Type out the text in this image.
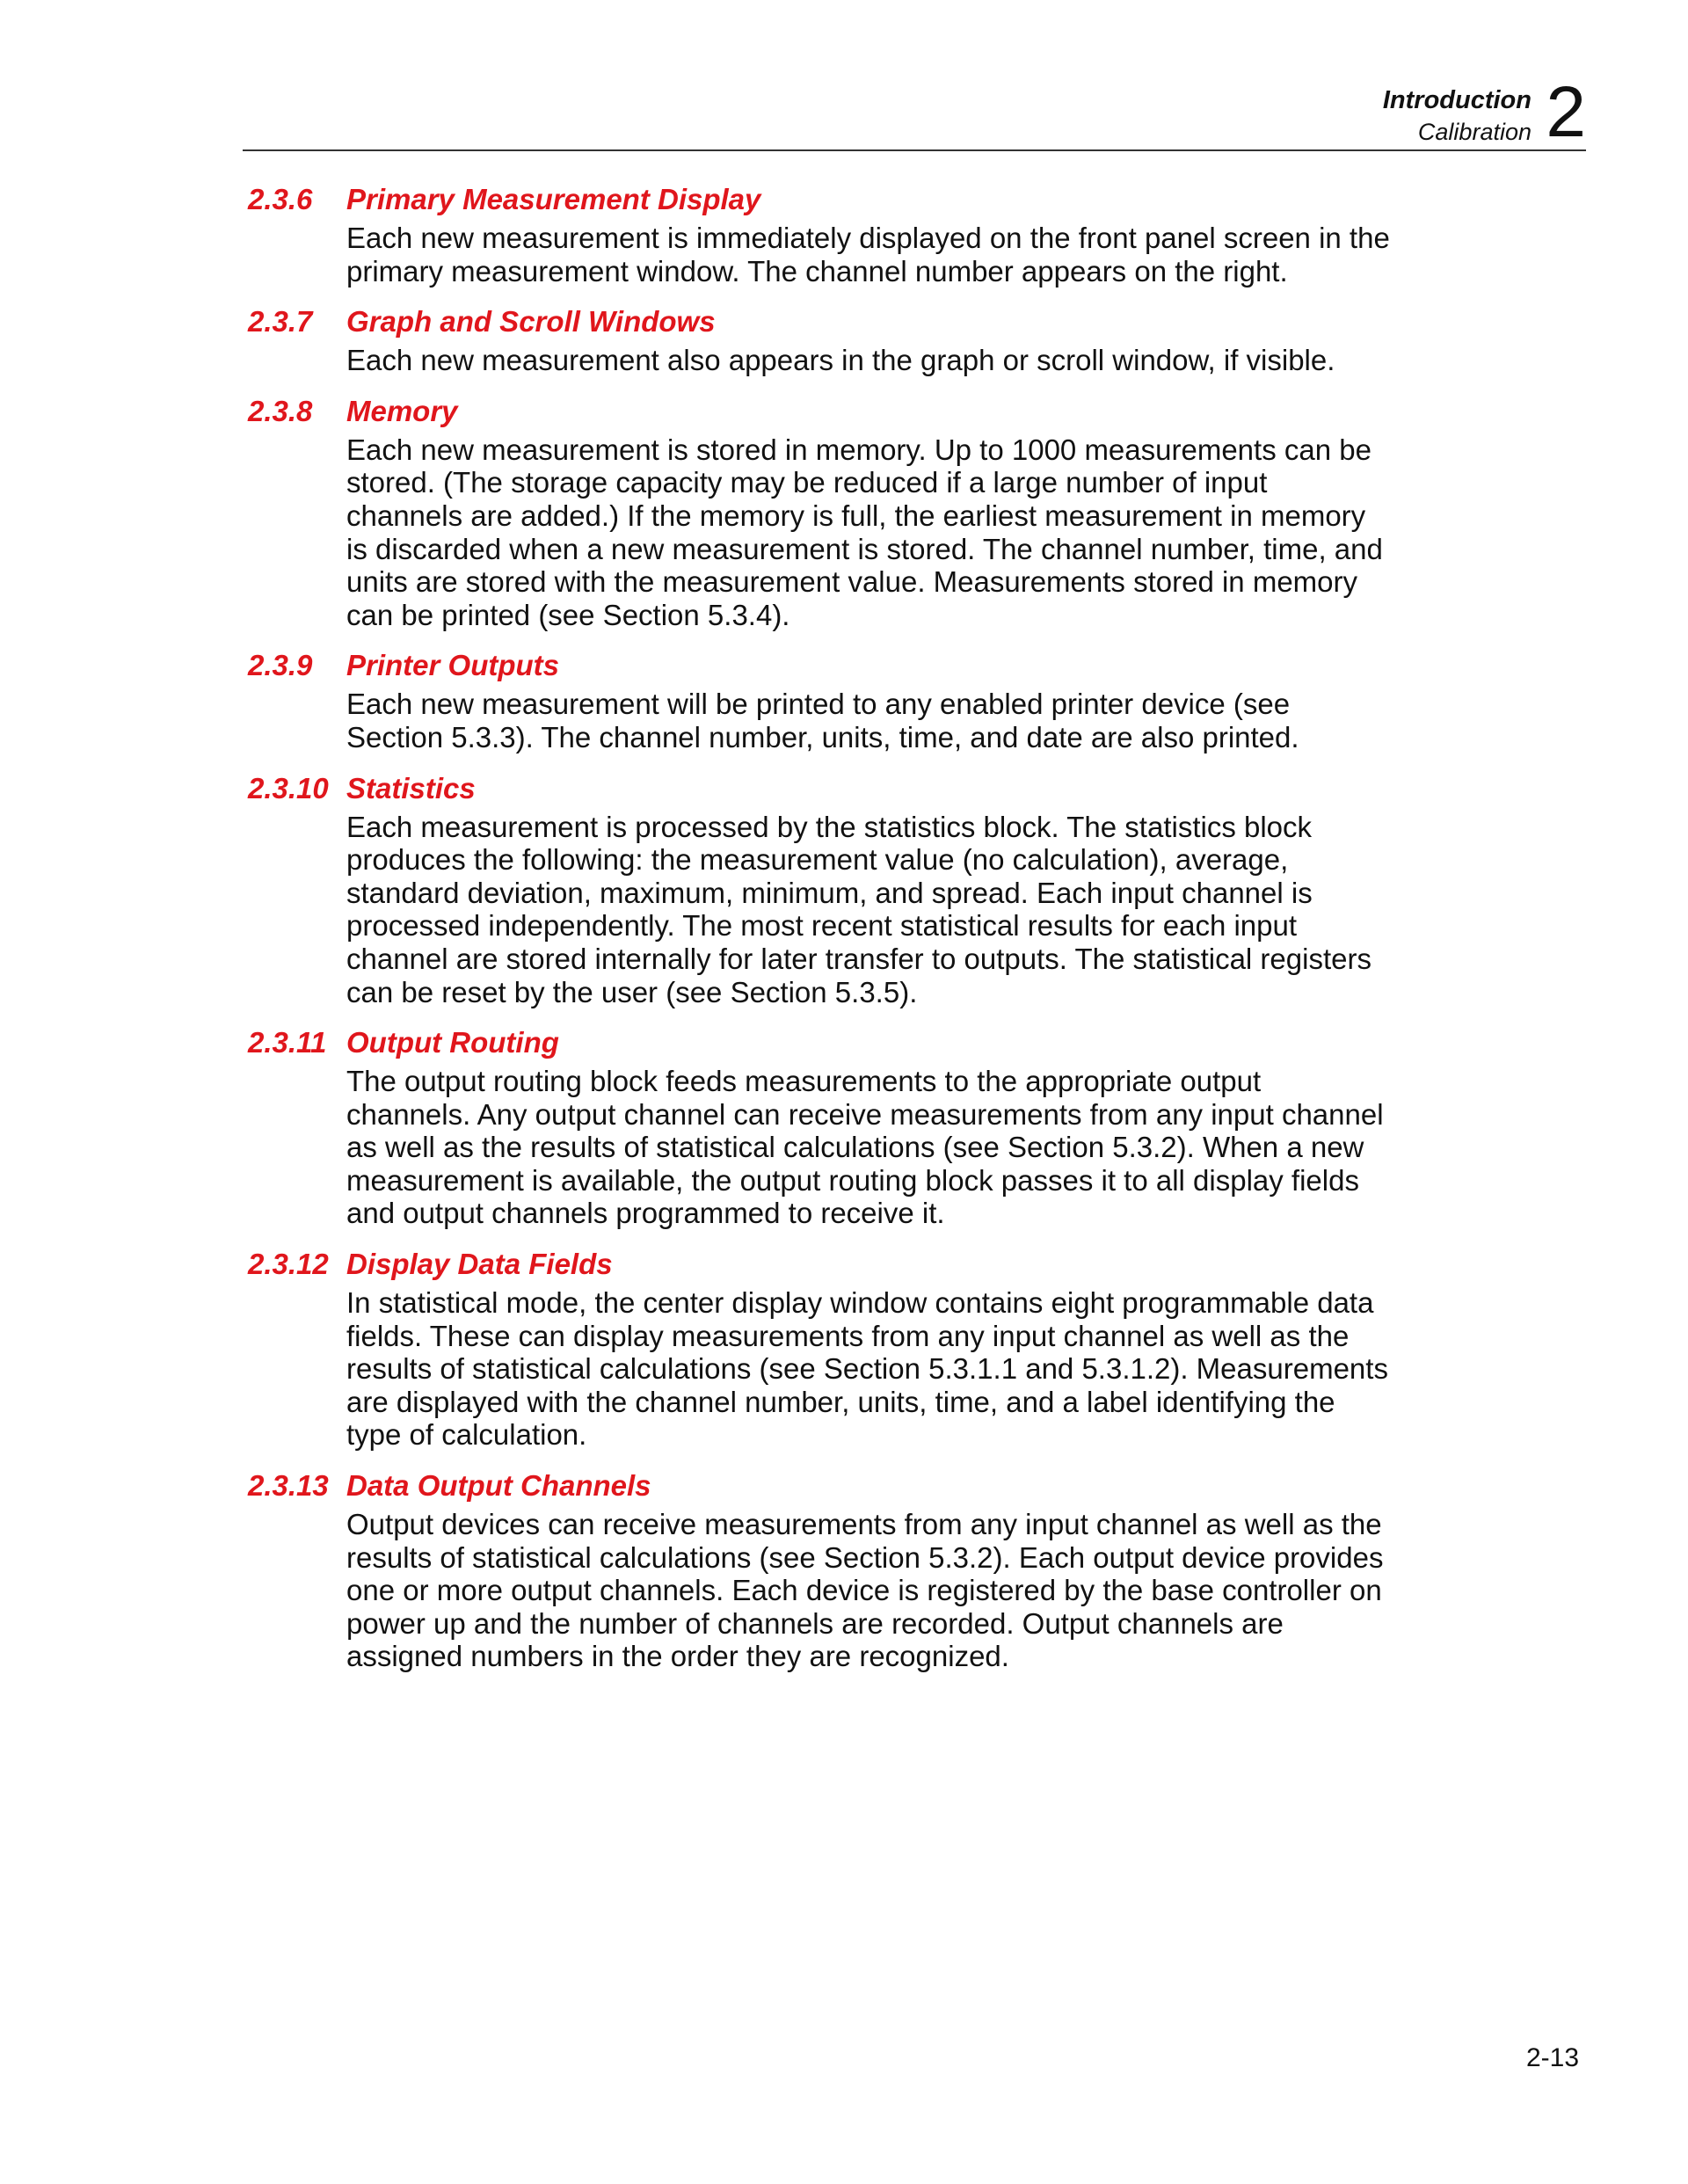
Introduction
Calibration 2
2.3.6 Primary Measurement Display
Each new measurement is immediately displayed on the front panel screen in the
primary measurement window. The channel number appears on the right.
2.3.7 Graph and Scroll Windows
Each new measurement also appears in the graph or scroll window, if visible.
2.3.8 Memory
Each new measurement is stored in memory. Up to 1000 measurements can be
stored. (The storage capacity may be reduced if a large number of input
channels are added.) If the memory is full, the earliest measurement in memory
is discarded when a new measurement is stored. The channel number, time, and
units are stored with the measurement value. Measurements stored in memory
can be printed (see Section 5.3.4).
2.3.9 Printer Outputs
Each new measurement will be printed to any enabled printer device (see
Section 5.3.3). The channel number, units, time, and date are also printed.
2.3.10 Statistics
Each measurement is processed by the statistics block. The statistics block
produces the following: the measurement value (no calculation), average,
standard deviation, maximum, minimum, and spread. Each input channel is
processed independently. The most recent statistical results for each input
channel are stored internally for later transfer to outputs. The statistical registers
can be reset by the user (see Section 5.3.5).
2.3.11 Output Routing
The output routing block feeds measurements to the appropriate output
channels. Any output channel can receive measurements from any input channel
as well as the results of statistical calculations (see Section 5.3.2). When a new
measurement is available, the output routing block passes it to all display fields
and output channels programmed to receive it.
2.3.12 Display Data Fields
In statistical mode, the center display window contains eight programmable data
fields. These can display measurements from any input channel as well as the
results of statistical calculations (see Section 5.3.1.1 and 5.3.1.2). Measurements
are displayed with the channel number, units, time, and a label identifying the
type of calculation.
2.3.13 Data Output Channels
Output devices can receive measurements from any input channel as well as the
results of statistical calculations (see Section 5.3.2). Each output device provides
one or more output channels. Each device is registered by the base controller on
power up and the number of channels are recorded. Output channels are
assigned numbers in the order they are recognized.
2-13
